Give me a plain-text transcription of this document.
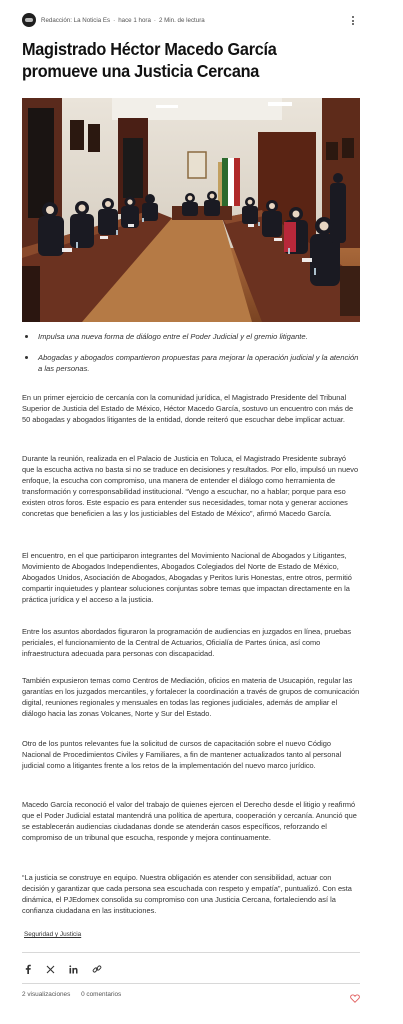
Redacción: La Noticia Es · hace 1 hora · 2 Min. de lectura
Magistrado Héctor Macedo García promueve una Justicia Cercana
Impulsa una nueva forma de diálogo entre el Poder Judicial y el gremio litigante.
Abogadas y abogados compartieron propuestas para mejorar la operación judicial y la atención a las personas.

En un primer ejercicio de cercanía con la comunidad jurídica, el Magistrado Presidente del Tribunal Superior de Justicia del Estado de México, Héctor Macedo García, sostuvo un encuentro con más de 50 abogadas y abogados litigantes de la entidad, donde reiteró que escuchar debe implicar actuar.

Durante la reunión, realizada en el Palacio de Justicia en Toluca, el Magistrado Presidente subrayó que la escucha activa no basta si no se traduce en decisiones y resultados. Por ello, impulsó un nuevo enfoque, la escucha con compromiso, una manera de entender el diálogo como herramienta de transformación y corresponsabilidad institucional. “Vengo a escuchar, no a hablar; porque para eso existen otros foros. Este espacio es para entender sus necesidades, tomar nota y generar acciones concretas que beneficien a las y los justiciables del Estado de México”, afirmó Macedo García.

El encuentro, en el que participaron integrantes del Movimiento Nacional de Abogados y Litigantes, Movimiento de Abogados Independientes, Abogados Colegiados del Norte de Estado de México, Abogados Unidos, Asociación de Abogados, Abogadas y Peritos Iuris Honestas, entre otros, permitió compartir inquietudes y plantear soluciones conjuntas sobre temas que impactan directamente en la práctica jurídica y el acceso a la justicia.

Entre los asuntos abordados figuraron la programación de audiencias en juzgados en línea, pruebas periciales, el funcionamiento de la Central de Actuarios, Oficialía de Partes única, así como infraestructura adecuada para personas con discapacidad.

También expusieron temas como Centros de Mediación, oficios en materia de Usucapión, regular las garantías en los juzgados mercantiles, y fortalecer la coordinación a través de grupos de comunicación digital, reuniones regionales y mensuales en todas las regiones judiciales, además de ampliar el diálogo hacia las zonas Volcanes, Norte y Sur del Estado.

Otro de los puntos relevantes fue la solicitud de cursos de capacitación sobre el nuevo Código Nacional de Procedimientos Civiles y Familiares, a fin de mantener actualizados tanto al personal judicial como a litigantes frente a los retos de la implementación del nuevo marco jurídico.

Macedo García reconoció el valor del trabajo de quienes ejercen el Derecho desde el litigio y reafirmó que el Poder Judicial estatal mantendrá una política de apertura, cooperación y cercanía. Anunció que se establecerán audiencias ciudadanas donde se atenderán casos específicos, reforzando el compromiso de un tribunal que escucha, responde y mejora continuamente.

“La justicia se construye en equipo. Nuestra obligación es atender con sensibilidad, actuar con decisión y garantizar que cada persona sea escuchada con respeto y empatía”, puntualizó. Con esta dinámica, el PJEdomex consolida su compromiso con una Justicia Cercana, fortaleciendo así la confianza ciudadana en las instituciones.

Seguridad y Justicia
2 visualizaciones 0 comentarios
